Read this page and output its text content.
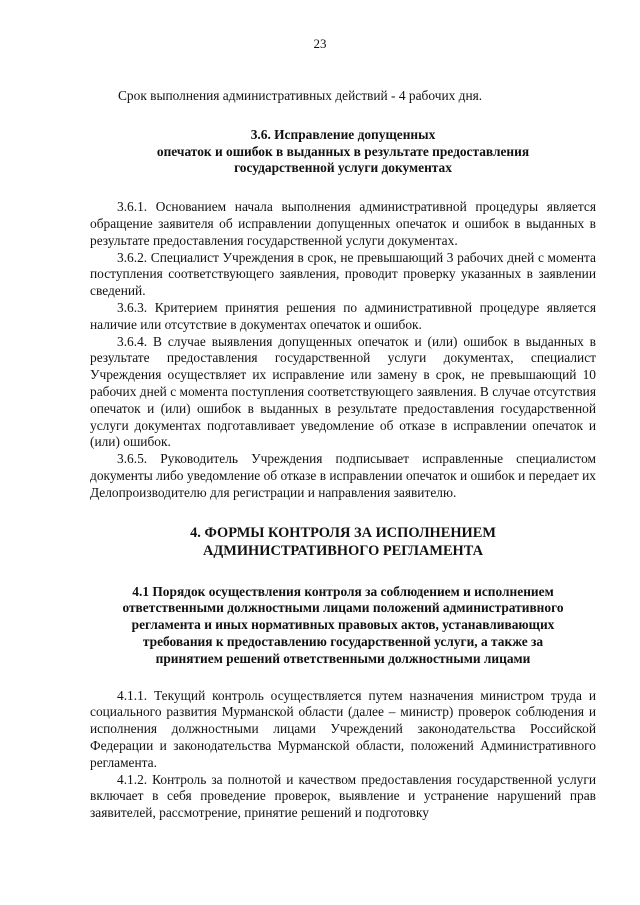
23

Срок выполнения административных действий - 4 рабочих дня.

3.6. Исправление допущенных
опечаток и ошибок в выданных в результате предоставления
государственной услуги документах

3.6.1. Основанием начала выполнения административной процедуры является обращение заявителя об исправлении допущенных опечаток и ошибок в выданных в результате предоставления государственной услуги документах.

3.6.2. Специалист Учреждения в срок, не превышающий 3 рабочих дней с момента поступления соответствующего заявления, проводит проверку указанных в заявлении сведений.

3.6.3. Критерием принятия решения по административной процедуре является наличие или отсутствие в документах опечаток и ошибок.

3.6.4. В случае выявления допущенных опечаток и (или) ошибок в выданных в результате предоставления государственной услуги документах, специалист Учреждения осуществляет их исправление или замену в срок, не превышающий 10 рабочих дней с момента поступления соответствующего заявления. В случае отсутствия опечаток и (или) ошибок в выданных в результате предоставления государственной услуги документах подготавливает уведомление об отказе в исправлении опечаток и (или) ошибок.

3.6.5. Руководитель Учреждения подписывает исправленные специалистом документы либо уведомление об отказе в исправлении опечаток и ошибок и передает их Делопроизводителю для регистрации и направления заявителю.

4. ФОРМЫ КОНТРОЛЯ ЗА ИСПОЛНЕНИЕМ
АДМИНИСТРАТИВНОГО РЕГЛАМЕНТА
4.1 Порядок осуществления контроля за соблюдением и исполнением
ответственными должностными лицами положений административного
регламента и иных нормативных правовых актов, устанавливающих
требования к предоставлению государственной услуги, а также за
принятием решений ответственными должностными лицами

4.1.1. Текущий контроль осуществляется путем назначения министром труда и социального развития Мурманской области (далее – министр) проверок соблюдения и исполнения должностными лицами Учреждений законодательства Российской Федерации и законодательства Мурманской области, положений Административного регламента.

4.1.2. Контроль за полнотой и качеством предоставления государственной услуги включает в себя проведение проверок, выявление и устранение нарушений прав заявителей, рассмотрение, принятие решений и подготовку
